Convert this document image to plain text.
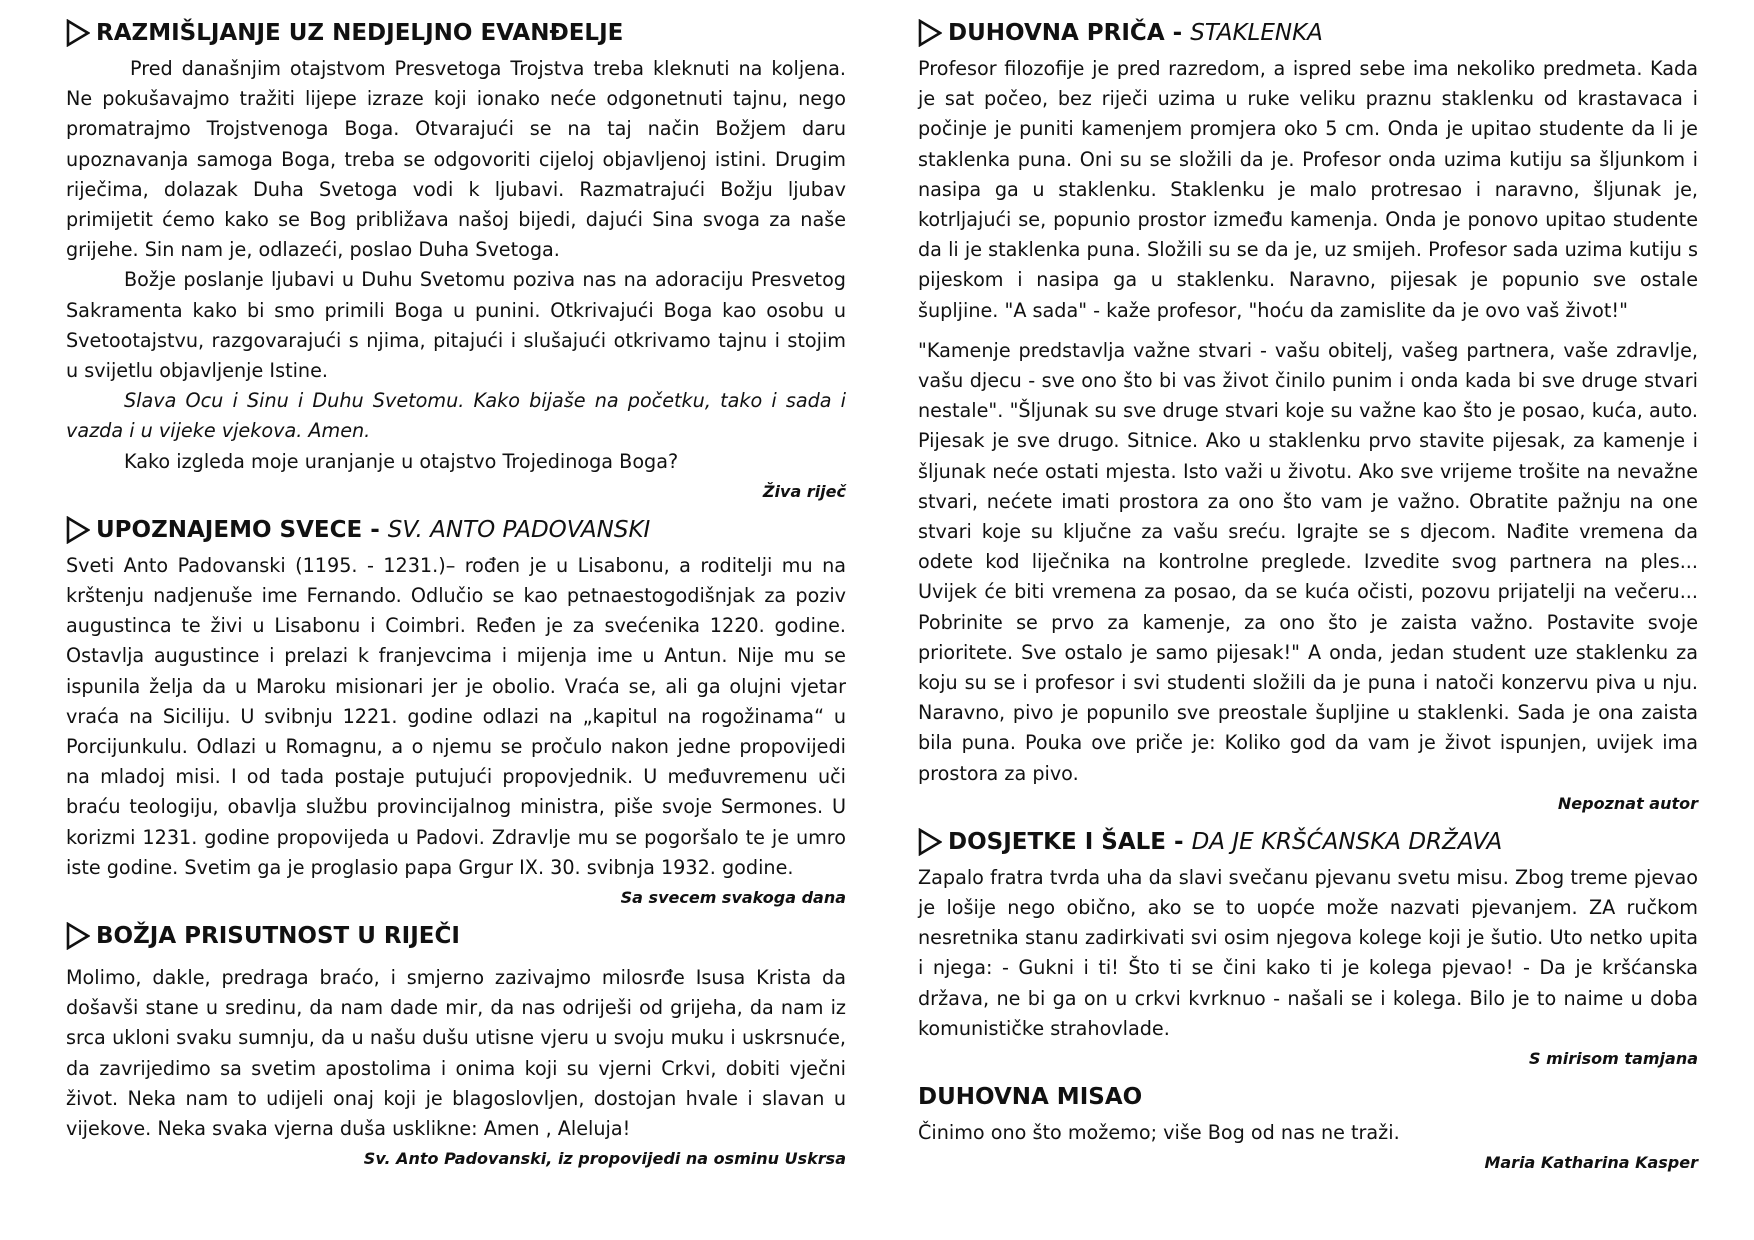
RAZMIŠLJANJE UZ NEDJELJNO EVANĐELJE

Pred današnjim otajstvom Presvetoga Trojstva treba kleknuti na koljena. Ne pokušavajmo tražiti lijepe izraze koji ionako neće odgonetnuti tajnu, nego promatrajmo Trojstvenoga Boga. Otvarajući se na taj način Božjem daru upoznavanja samoga Boga, treba se odgovoriti cijeloj objavljenoj istini. Drugim riječima, dolazak Duha Svetoga vodi k ljubavi. Razmatrajući Božju ljubav primijetit ćemo kako se Bog približava našoj bijedi, dajući Sina svoga za naše grijehe. Sin nam je, odlazeći, poslao Duha Svetoga.

Božje poslanje ljubavi u Duhu Svetomu poziva nas na adoraciju Presvetog Sakramenta kako bi smo primili Boga u punini. Otkrivajući Boga kao osobu u Svetootajstvu, razgovarajući s njima, pitajući i slušajući otkrivamo tajnu i stojim u svijetlu objavljenje Istine.

Slava Ocu i Sinu i Duhu Svetomu. Kako bijaše na početku, tako i sada i vazda i u vijeke vjekova. Amen.

Kako izgleda moje uranjanje u otajstvo Trojedinoga Boga?

Živa riječ
UPOZNAJEMO SVECE - SV. ANTO PADOVANSKI

Sveti Anto Padovanski (1195. - 1231.)– rođen je u Lisabonu, a roditelji mu na krštenju nadjenuše ime Fernando. Odlučio se kao petnaestogodišnjak za poziv augustinca te živi u Lisabonu i Coimbri. Ređen je za svećenika 1220. godine. Ostavlja augustince i prelazi k franjevcima i mijenja ime u Antun. Nije mu se ispunila želja da u Maroku misionari jer je obolio. Vraća se, ali ga olujni vjetar vraća na Siciliju. U svibnju 1221. godine odlazi na „kapitul na rogožinama“ u Porcijunkulu. Odlazi u Romagnu, a o njemu se pročulo nakon jedne propovijedi na mladoj misi. I od tada postaje putujući propovjednik. U međuvremenu uči braću teologiju, obavlja službu provincijalnog ministra, piše svoje Sermones. U korizmi 1231. godine propovijeda u Padovi. Zdravlje mu se pogoršalo te je umro iste godine. Svetim ga je proglasio papa Grgur IX. 30. svibnja 1932. godine.

Sa svecem svakoga dana
BOŽJA PRISUTNOST U RIJEČI

Molimo, dakle, predraga braćo, i smjerno zazivajmo milosrđe Isusa Krista da došavši stane u sredinu, da nam dade mir, da nas odriješi od grijeha, da nam iz srca ukloni svaku sumnju, da u našu dušu utisne vjeru u svoju muku i uskrsnuće, da zavrijedimo sa svetim apostolima i onima koji su vjerni Crkvi, dobiti vječni život. Neka nam to udijeli onaj koji je blagoslovljen, dostojan hvale i slavan u vijekove. Neka svaka vjerna duša usklikne: Amen , Aleluja!

Sv. Anto Padovanski, iz propovijedi na osminu Uskrsa
DUHOVNA PRIČA - STAKLENKA

Profesor filozofije je pred razredom, a ispred sebe ima nekoliko predmeta. Kada je sat počeo, bez riječi uzima u ruke veliku praznu staklenku od krastavaca i počinje je puniti kamenjem promjera oko 5 cm. Onda je upitao studente da li je staklenka puna. Oni su se složili da je. Profesor onda uzima kutiju sa šljunkom i nasipa ga u staklenku. Staklenku je malo protresao i naravno, šljunak je, kotrljajući se, popunio prostor između kamenja. Onda je ponovo upitao studente da li je staklenka puna. Složili su se da je, uz smijeh. Profesor sada uzima kutiju s pijeskom i nasipa ga u staklenku. Naravno, pijesak je popunio sve ostale šupljine. "A sada" - kaže profesor, "hoću da zamislite da je ovo vaš život!"

"Kamenje predstavlja važne stvari - vašu obitelj, vašeg partnera, vaše zdravlje, vašu djecu - sve ono što bi vas život činilo punim i onda kada bi sve druge stvari nestale". "Šljunak su sve druge stvari koje su važne kao što je posao, kuća, auto. Pijesak je sve drugo. Sitnice. Ako u staklenku prvo stavite pijesak, za kamenje i šljunak neće ostati mjesta. Isto važi u životu. Ako sve vrijeme trošite na nevažne stvari, nećete imati prostora za ono što vam je važno. Obratite pažnju na one stvari koje su ključne za vašu sreću. Igrajte se s djecom. Nađite vremena da odete kod liječnika na kontrolne preglede. Izvedite svog partnera na ples... Uvijek će biti vremena za posao, da se kuća očisti, pozovu prijatelji na večeru... Pobrinite se prvo za kamenje, za ono što je zaista važno. Postavite svoje prioritete. Sve ostalo je samo pijesak!" A onda, jedan student uze staklenku za koju su se i profesor i svi studenti složili da je puna i natoči konzervu piva u nju. Naravno, pivo je popunilo sve preostale šupljine u staklenki. Sada je ona zaista bila puna. Pouka ove priče je: Koliko god da vam je život ispunjen, uvijek ima prostora za pivo.

Nepoznat autor
DOSJETKE I ŠALE - DA JE KRŠĆANSKA DRŽAVA

Zapalo fratra tvrda uha da slavi svečanu pjevanu svetu misu. Zbog treme pjevao je lošije nego obično, ako se to uopće može nazvati pjevanjem. ZA ručkom nesretnika stanu zadirkivati svi osim njegova kolege koji je šutio. Uto netko upita i njega: - Gukni i ti! Što ti se čini kako ti je kolega pjevao! - Da je kršćanska država, ne bi ga on u crkvi kvrknuo - našali se i kolega. Bilo je to naime u doba komunističke strahovlade.

S mirisom tamjana
DUHOVNA MISAO

Činimo ono što možemo; više Bog od nas ne traži.

Maria Katharina Kasper
